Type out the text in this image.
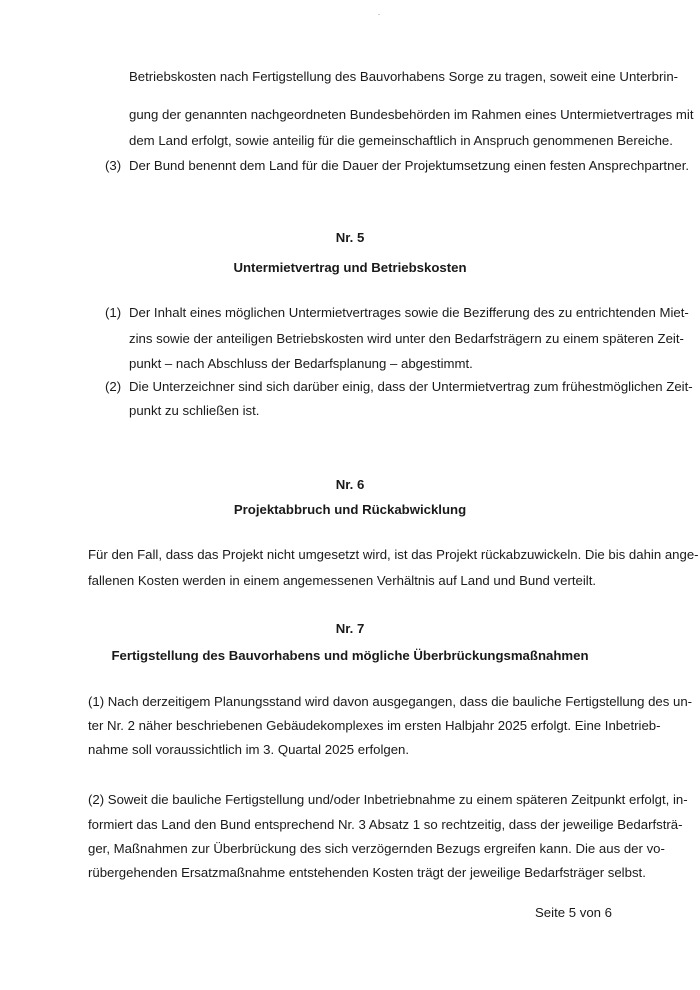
Betriebskosten nach Fertigstellung des Bauvorhabens Sorge zu tragen, soweit eine Unterbrin-
gung der genannten nachgeordneten Bundesbehörden im Rahmen eines Untermietvertrages mit
dem Land erfolgt, sowie anteilig für die gemeinschaftlich in Anspruch genommenen Bereiche.
(3) Der Bund benennt dem Land für die Dauer der Projektumsetzung einen festen Ansprechpartner.
Nr. 5
Untermietvertrag und Betriebskosten
(1) Der Inhalt eines möglichen Untermietvertrages sowie die Bezifferung des zu entrichtenden Miet-
zins sowie der anteiligen Betriebskosten wird unter den Bedarfsträgern zu einem späteren Zeit-
punkt – nach Abschluss der Bedarfsplanung – abgestimmt.
(2) Die Unterzeichner sind sich darüber einig, dass der Untermietvertrag zum frühestmöglichen Zeit-
punkt zu schließen ist.
Nr. 6
Projektabbruch und Rückabwicklung
Für den Fall, dass das Projekt nicht umgesetzt wird, ist das Projekt rückabzuwickeln. Die bis dahin ange-
fallenen Kosten werden in einem angemessenen Verhältnis auf Land und Bund verteilt.
Nr. 7
Fertigstellung des Bauvorhabens und mögliche Überbrückungsmaßnahmen
(1) Nach derzeitigem Planungsstand wird davon ausgegangen, dass die bauliche Fertigstellung des un-
ter Nr. 2 näher beschriebenen Gebäudekomplexes im ersten Halbjahr 2025 erfolgt. Eine Inbetrieb-
nahme soll voraussichtlich im 3. Quartal 2025 erfolgen.
(2) Soweit die bauliche Fertigstellung und/oder Inbetriebnahme zu einem späteren Zeitpunkt erfolgt, in-
formiert das Land den Bund entsprechend Nr. 3 Absatz 1 so rechtzeitig, dass der jeweilige Bedarfsträ-
ger, Maßnahmen zur Überbrückung des sich verzögernden Bezugs ergreifen kann. Die aus der vo-
rübergehenden Ersatzmaßnahme entstehenden Kosten trägt der jeweilige Bedarfsträger selbst.
Seite 5 von 6
